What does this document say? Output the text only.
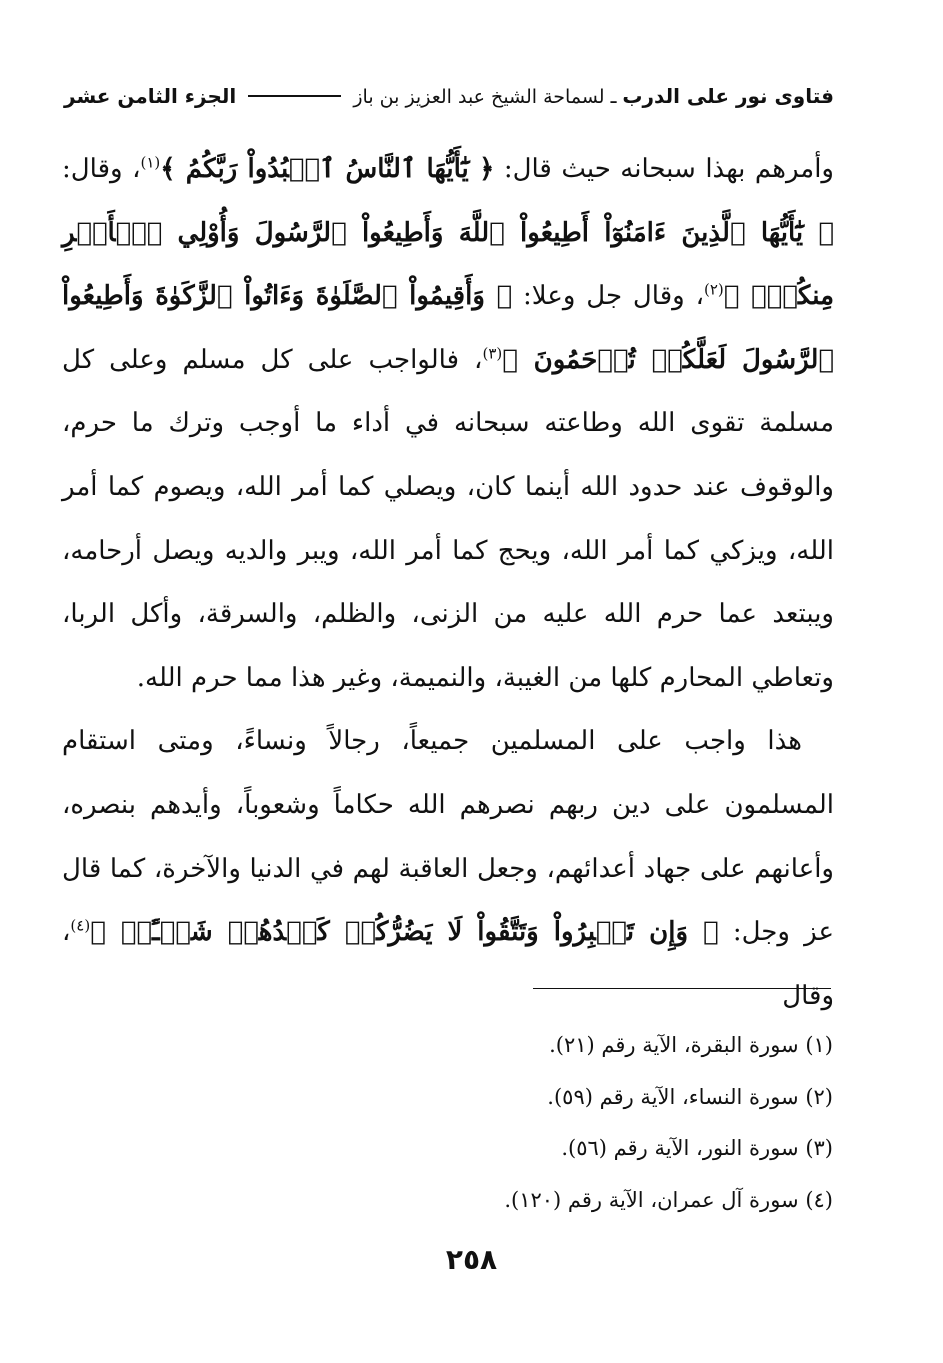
فتاوى نور على الدرب
ـ
لسماحة الشيخ عبد العزيز بن باز
الجزء الثامن عشر

وأمرهم بهذا سبحانه حيث قال: ﴿ يَٰٓأَيُّهَا ٱلنَّاسُ ٱعۡبُدُواْ رَبَّكُمُ ﴾$^{(١)}$، وقال: ﴿ يَٰٓأَيُّهَا ٱلَّذِينَ ءَامَنُوٓاْ أَطِيعُواْ ٱللَّهَ وَأَطِيعُواْ ٱلرَّسُولَ وَأُوْلِي ٱلۡأَمۡرِ مِنكُمۡۖ ﴾$^{(٢)}$، وقال جل وعلا: ﴿ وَأَقِيمُواْ ٱلصَّلَوٰةَ وَءَاتُواْ ٱلزَّكَوٰةَ وَأَطِيعُواْ ٱلرَّسُولَ لَعَلَّكُمۡ تُرۡحَمُونَ ﴾$^{(٣)}$، فالواجب على كل مسلم وعلى كل مسلمة تقوى الله وطاعته سبحانه في أداء ما أوجب وترك ما حرم، والوقوف عند حدود الله أينما كان، ويصلي كما أمر الله، ويصوم كما أمر الله، ويزكي كما أمر الله، ويحج كما أمر الله، ويبر والديه ويصل أرحامه، ويبتعد عما حرم الله عليه من الزنى، والظلم، والسرقة، وأكل الربا، وتعاطي المحارم كلها من الغيبة، والنميمة، وغير هذا مما حرم الله.

هذا واجب على المسلمين جميعاً، رجالاً ونساءً، ومتى استقام المسلمون على دين ربهم نصرهم الله حكاماً وشعوباً، وأيدهم بنصره، وأعانهم على جهاد أعدائهم، وجعل العاقبة لهم في الدنيا والآخرة، كما قال عز وجل: ﴿ وَإِن تَصۡبِرُواْ وَتَتَّقُواْ لَا يَضُرُّكُمۡ كَيۡدُهُمۡ شَيۡـًٔاۗ ﴾$^{(٤)}$، وقال

(١) سورة البقرة، الآية رقم (٢١).
(٢) سورة النساء، الآية رقم (٥٩).
(٣) سورة النور، الآية رقم (٥٦).
(٤) سورة آل عمران، الآية رقم (١٢٠).
٢٥٨
